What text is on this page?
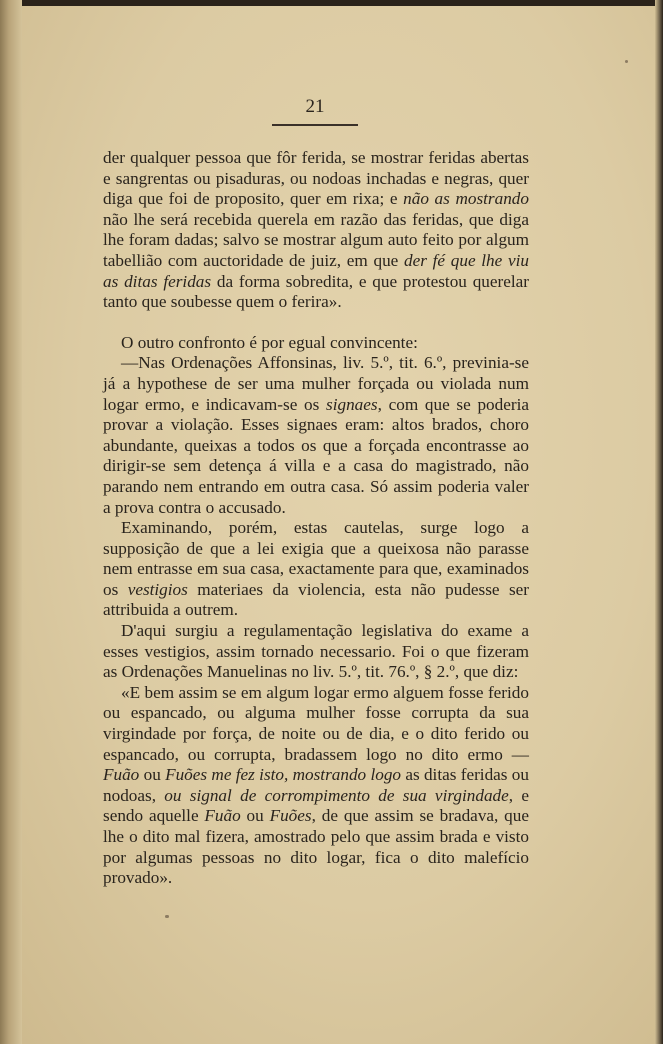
21

der qualquer pessoa que fôr ferida, se mostrar feridas abertas e sangrentas ou pisaduras, ou nodoas inchadas e negras, quer diga que foi de proposito, quer em rixa; e não as mostrando não lhe será recebida querela em razão das feridas, que diga lhe foram dadas; salvo se mostrar algum auto feito por algum tabellião com auctoridade de juiz, em que der fé que lhe viu as ditas feridas da forma sobredita, e que protestou querelar tanto que soubesse quem o ferira».

O outro confronto é por egual convincente:

—Nas Ordenações Affonsinas, liv. 5.º, tit. 6.º, previnia-se já a hypothese de ser uma mulher forçada ou violada num logar ermo, e indicavam-se os signaes, com que se poderia provar a violação. Esses signaes eram: altos brados, choro abundante, queixas a todos os que a forçada encontrasse ao dirigir-se sem detença á villa e a casa do magistrado, não parando nem entrando em outra casa. Só assim poderia valer a prova contra o accusado.

Examinando, porém, estas cautelas, surge logo a supposição de que a lei exigia que a queixosa não parasse nem entrasse em sua casa, exactamente para que, examinados os vestigios materiaes da violencia, esta não pudesse ser attribuida a outrem.

D'aqui surgiu a regulamentação legislativa do exame a esses vestigios, assim tornado necessario. Foi o que fizeram as Ordenações Manuelinas no liv. 5.º, tit. 76.º, § 2.º, que diz:

«E bem assim se em algum logar ermo alguem fosse ferido ou espancado, ou alguma mulher fosse corrupta da sua virgindade por força, de noite ou de dia, e o dito ferido ou espancado, ou corrupta, bradassem logo no dito ermo — Fuão ou Fuões me fez isto, mostrando logo as ditas feridas ou nodoas, ou signal de corrompimento de sua virgindade, e sendo aquelle Fuão ou Fuões, de que assim se bradava, que lhe o dito mal fizera, amostrado pelo que assim brada e visto por algumas pessoas no dito logar, fica o dito malefício provado».
